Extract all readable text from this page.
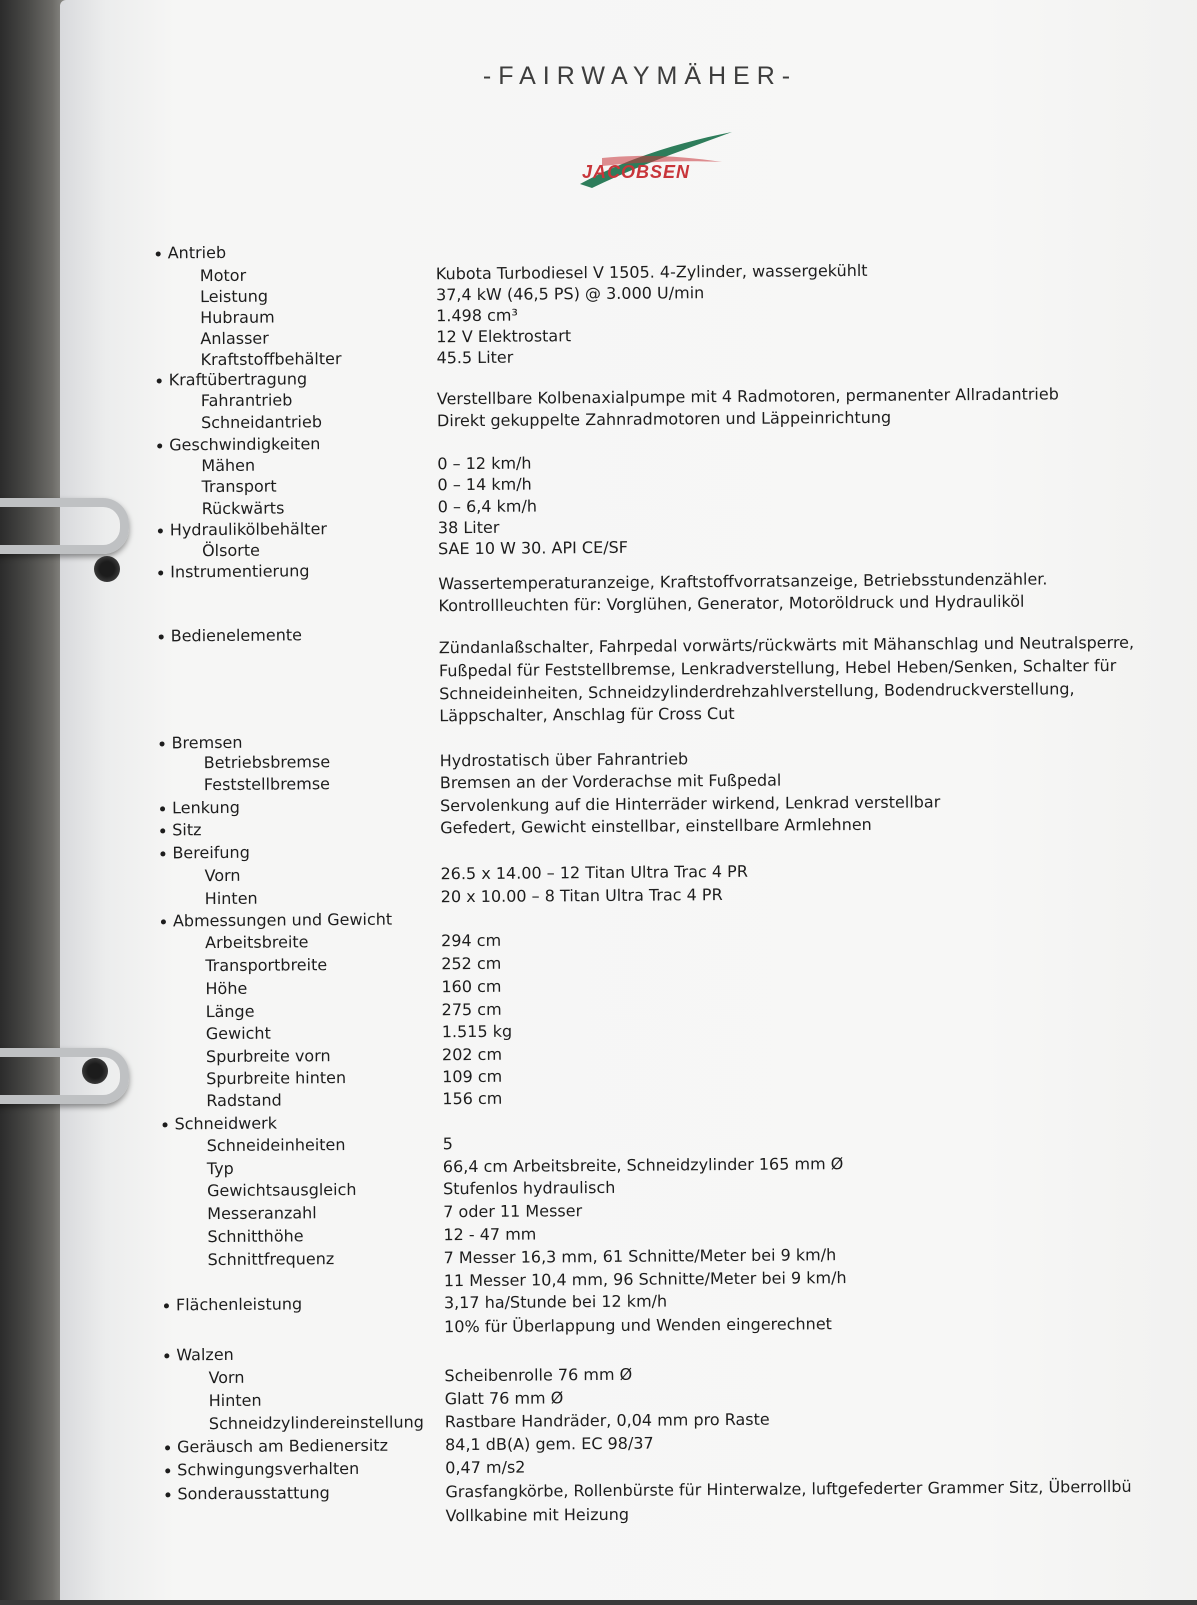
-FAIRWAYMÄHER-
JACOBSEN
Antrieb
Motor	Kubota Turbodiesel V 1505. 4-Zylinder, wassergekühlt
Leistung	37,4 kW (46,5 PS) @ 3.000 U/min
Hubraum	1.498 cm³
Anlasser	12 V Elektrostart
Kraftstoffbehälter	45.5 Liter
Kraftübertragung
Fahrantrieb	Verstellbare Kolbenaxialpumpe mit 4 Radmotoren, permanenter Allradantrieb
Schneidantrieb	Direkt gekuppelte Zahnradmotoren und Läppeinrichtung
Geschwindigkeiten
Mähen	0 – 12 km/h
Transport	0 – 14 km/h
Rückwärts	0 – 6,4 km/h
Hydraulikölbehälter	38 Liter
Ölsorte	SAE 10 W 30. API CE/SF
Instrumentierung	Wassertemperaturanzeige, Kraftstoffvorratsanzeige, Betriebsstundenzähler.
Kontrollleuchten für: Vorglühen, Generator, Motoröldruck und Hydrauliköl
Bedienelemente	Zündanlaßschalter, Fahrpedal vorwärts/rückwärts mit Mähanschlag und Neutralsperre,
Fußpedal für Feststellbremse, Lenkradverstellung, Hebel Heben/Senken, Schalter für
Schneideinheiten, Schneidzylinderdrehzahlverstellung, Bodendruckverstellung,
Läppschalter, Anschlag für Cross Cut
Bremsen
Betriebsbremse	Hydrostatisch über Fahrantrieb
Feststellbremse	Bremsen an der Vorderachse mit Fußpedal
Lenkung	Servolenkung auf die Hinterräder wirkend, Lenkrad verstellbar
Sitz	Gefedert, Gewicht einstellbar, einstellbare Armlehnen
Bereifung
Vorn	26.5 x 14.00 – 12 Titan Ultra Trac 4 PR
Hinten	20 x 10.00 – 8 Titan Ultra Trac 4 PR
Abmessungen und Gewicht
Arbeitsbreite	294 cm
Transportbreite	252 cm
Höhe	160 cm
Länge	275 cm
Gewicht	1.515 kg
Spurbreite vorn	202 cm
Spurbreite hinten	109 cm
Radstand	156 cm
Schneidwerk
Schneideinheiten	5
Typ	66,4 cm Arbeitsbreite, Schneidzylinder 165 mm Ø
Gewichtsausgleich	Stufenlos hydraulisch
Messeranzahl	7 oder 11 Messer
Schnitthöhe	12 - 47 mm
Schnittfrequenz	7 Messer 16,3 mm, 61 Schnitte/Meter bei 9 km/h
11 Messer 10,4 mm, 96 Schnitte/Meter bei 9 km/h
Flächenleistung	3,17 ha/Stunde bei 12 km/h
10% für Überlappung und Wenden eingerechnet
Walzen
Vorn	Scheibenrolle 76 mm Ø
Hinten	Glatt 76 mm Ø
Schneidzylindereinstellung Rastbare Handräder, 0,04 mm pro Raste
Geräusch am Bedienersitz	84,1 dB(A) gem. EC 98/37
Schwingungsverhalten	0,47 m/s2
Sonderausstattung	Grasfangkörbe, Rollenbürste für Hinterwalze, luftgefederter Grammer Sitz, Überrollbü
Vollkabine mit Heizung
